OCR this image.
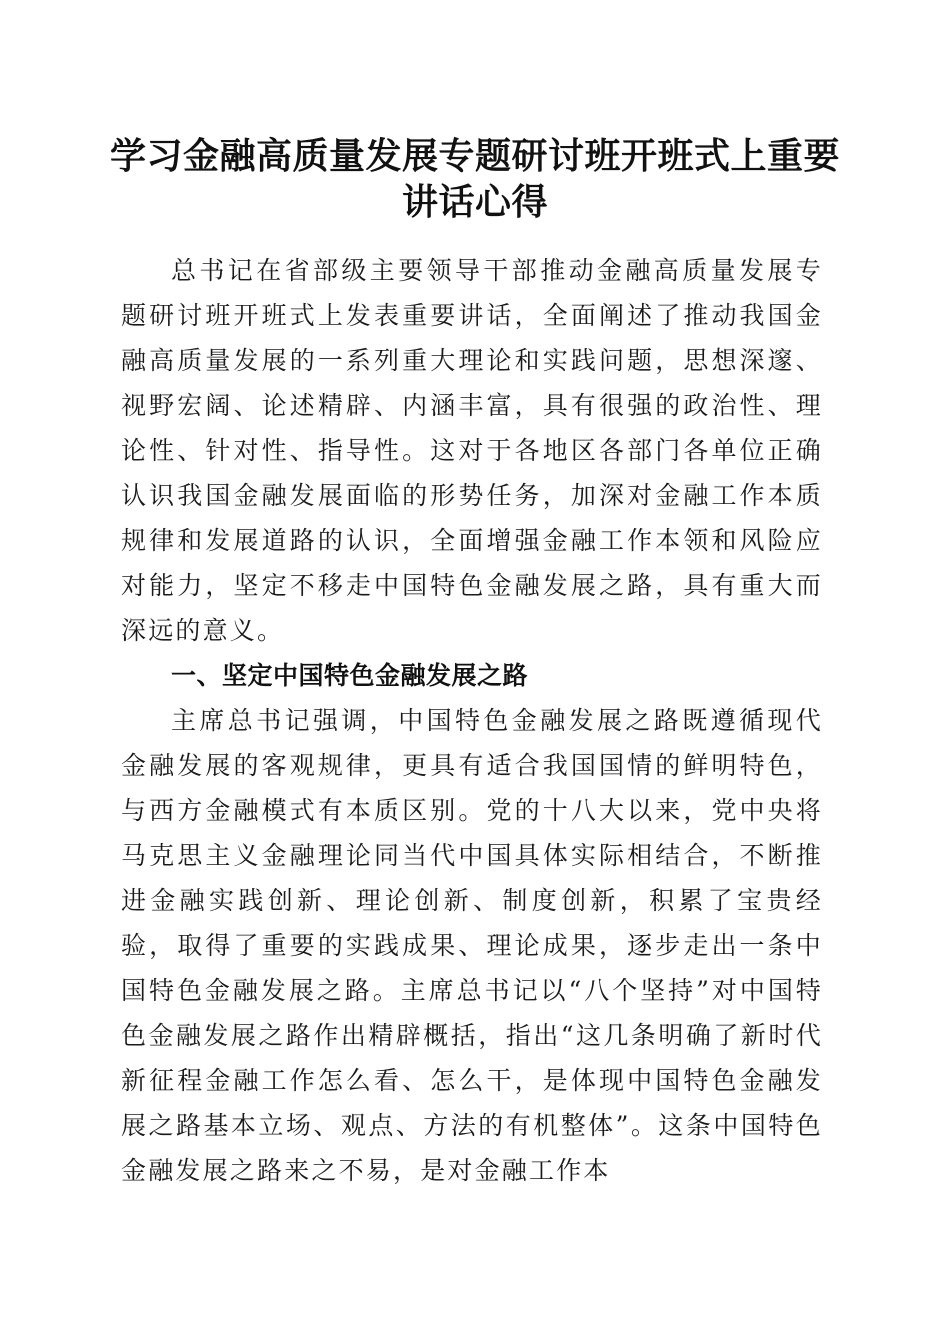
学习金融高质量发展专题研讨班开班式上重要
讲话心得

总书记在省部级主要领导干部推动金融高质量发展专题研讨班开班式上发表重要讲话，全面阐述了推动我国金融高质量发展的一系列重大理论和实践问题，思想深邃、视野宏阔、论述精辟、内涵丰富，具有很强的政治性、理论性、针对性、指导性。这对于各地区各部门各单位正确认识我国金融发展面临的形势任务，加深对金融工作本质规律和发展道路的认识，全面增强金融工作本领和风险应对能力，坚定不移走中国特色金融发展之路，具有重大而深远的意义。

一、坚定中国特色金融发展之路

主席总书记强调，中国特色金融发展之路既遵循现代金融发展的客观规律，更具有适合我国国情的鲜明特色，与西方金融模式有本质区别。党的十八大以来，党中央将马克思主义金融理论同当代中国具体实际相结合，不断推进金融实践创新、理论创新、制度创新，积累了宝贵经验，取得了重要的实践成果、理论成果，逐步走出一条中国特色金融发展之路。主席总书记以“八个坚持”对中国特色金融发展之路作出精辟概括，指出“这几条明确了新时代新征程金融工作怎么看、怎么干，是体现中国特色金融发展之路基本立场、观点、方法的有机整体”。这条中国特色金融发展之路来之不易，是对金融工作本
